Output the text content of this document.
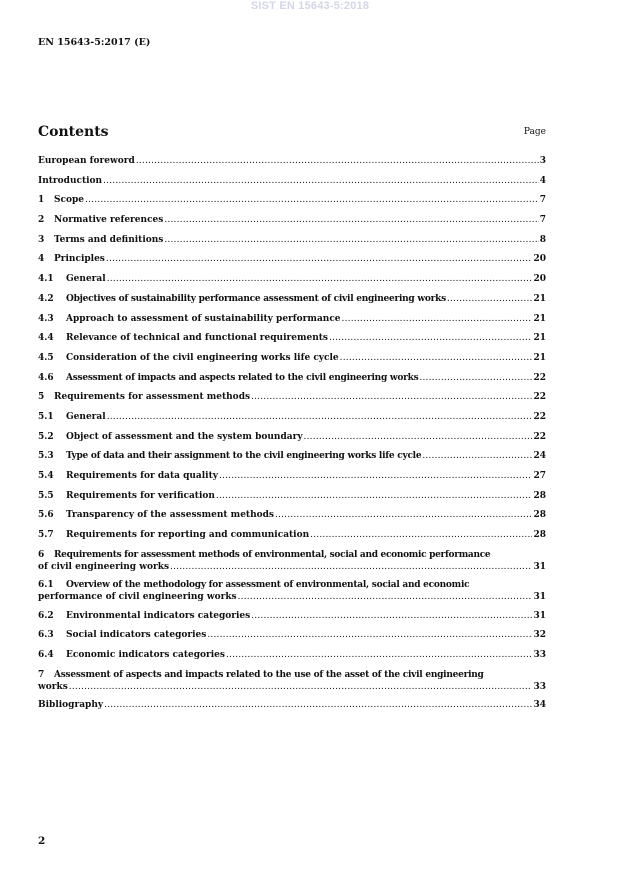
SIST EN 15643-5:2018
EN 15643-5:2017 (E)
Contents	Page
European foreword .....	3
Introduction .....	4
1	Scope .....	7
2	Normative references .....	7
3	Terms and definitions .....	8
4	Principles .....	20
4.1	General .....	20
4.2	Objectives of sustainability performance assessment of civil engineering works .....	21
4.3	Approach to assessment of sustainability performance .....	21
4.4	Relevance of technical and functional requirements .....	21
4.5	Consideration of the civil engineering works life cycle .....	21
4.6	Assessment of impacts and aspects related to the civil engineering works .....	22
5	Requirements for assessment methods .....	22
5.1	General .....	22
5.2	Object of assessment and the system boundary .....	22
5.3	Type of data and their assignment to the civil engineering works life cycle .....	24
5.4	Requirements for data quality .....	27
5.5	Requirements for verification .....	28
5.6	Transparency of the assessment methods .....	28
5.7	Requirements for reporting and communication .....	28
6 Requirements for assessment methods of environmental, social and economic performance
of civil engineering works .....	31
6.1 Overview of the methodology for assessment of environmental, social and economic
performance of civil engineering works .....	31
6.2	Environmental indicators categories .....	31
6.3	Social indicators categories .....	32
6.4	Economic indicators categories .....	33
7 Assessment of aspects and impacts related to the use of the asset of the civil engineering
works .....	33
Bibliography .....	34
2
